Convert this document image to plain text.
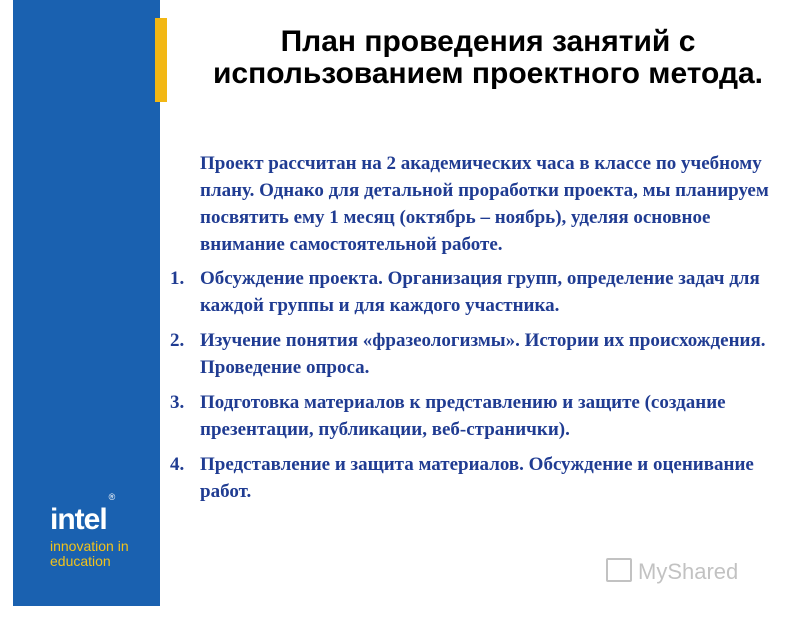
intel®
innovation in
education
План проведения занятий с использованием проектного метода.

Проект рассчитан на 2 академических часа в классе по учебному плану. Однако для детальной проработки проекта, мы планируем посвятить ему 1 месяц (октябрь – ноябрь), уделяя основное внимание самостоятельной работе.

1. Обсуждение проекта. Организация групп, определение задач для каждой группы и для каждого участника.
2. Изучение понятия «фразеологизмы». Истории их происхождения. Проведение опроса.
3. Подготовка материалов к представлению и защите (создание презентации, публикации, веб-странички).
4. Представление и защита материалов. Обсуждение и оценивание работ.
MyShared
